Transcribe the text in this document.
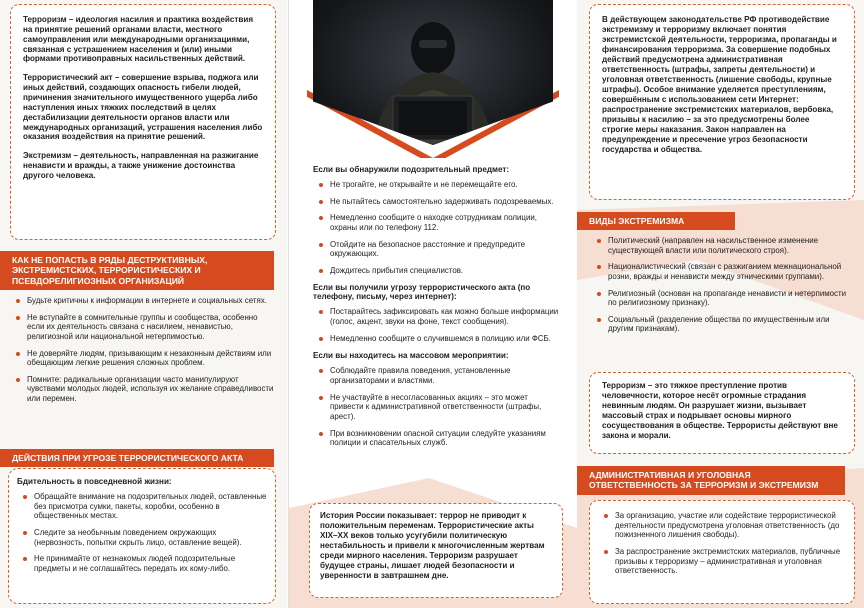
Терроризм – идеология насилия и практика воздействия на принятие решений органами власти, местного самоуправления или международными организациями, связанная с устрашением населения и (или) иными формами противоправных насильственных действий.

Террористический акт – совершение взрыва, поджога или иных действий, создающих опасность гибели людей, причинения значительного имущественного ущерба либо наступления иных тяжких последствий в целях дестабилизации деятельности органов власти или международных организаций, устрашения населения либо оказания воздействия на принятие решений.

Экстремизм – деятельность, направленная на разжигание ненависти и вражды, а также унижение достоинства другого человека.

КАК НЕ ПОПАСТЬ В РЯДЫ ДЕСТРУКТИВНЫХ, ЭКСТРЕМИСТСКИХ, ТЕРРОРИСТИЧЕСКИХ И ПСЕВДОРЕЛИГИОЗНЫХ ОРГАНИЗАЦИЙ
Будьте критичны к информации в интернете и социальных сетях.
Не вступайте в сомнительные группы и сообщества, особенно если их деятельность связана с насилием, ненавистью, религиозной или национальной нетерпимостью.
Не доверяйте людям, призывающим к незаконным действиям или обещающим легкие решения сложных проблем.
Помните: радикальные организации часто манипулируют чувствами молодых людей, используя их желание справедливости или перемен.
ДЕЙСТВИЯ ПРИ УГРОЗЕ ТЕРРОРИСТИЧЕСКОГО АКТА
Бдительность в повседневной жизни:
Обращайте внимание на подозрительных людей, оставленные без присмотра сумки, пакеты, коробки, особенно в общественных местах.
Следите за необычным поведением окружающих (нервозность, попытки скрыть лицо, оставление вещей).
Не принимайте от незнакомых людей подозрительные предметы и не соглашайтесь передать их кому-либо.
Если вы обнаружили подозрительный предмет:
Не трогайте, не открывайте и не перемещайте его.
Не пытайтесь самостоятельно задерживать подозреваемых.
Немедленно сообщите о находке сотрудникам полиции, охраны или по телефону 112.
Отойдите на безопасное расстояние и предупредите окружающих.
Дождитесь прибытия специалистов.
Если вы получили угрозу террористического акта (по телефону, письму, через интернет):
Постарайтесь зафиксировать как можно больше информации (голос, акцент, звуки на фоне, текст сообщения).
Немедленно сообщите о случившемся в полицию или ФСБ.
Если вы находитесь на массовом мероприятии:
Соблюдайте правила поведения, установленные организаторами и властями.
Не участвуйте в несогласованных акциях – это может привести к административной ответственности (штрафы, арест).
При возникновении опасной ситуации следуйте указаниям полиции и спасательных служб.
История России показывает: террор не приводит к положительным переменам. Террористические акты XIX–XX веков только усугубили политическую нестабильность и привели к многочисленным жертвам среди мирного населения. Терроризм разрушает будущее страны, лишает людей безопасности и уверенности в завтрашнем дне.
В действующем законодательстве РФ противодействие экстремизму и терроризму включает понятия экстремистской деятельности, терроризма, пропаганды и финансирования терроризма. За совершение подобных действий предусмотрена административная ответственность (штрафы, запреты деятельности) и уголовная ответственность (лишение свободы, крупные штрафы). Особое внимание уделяется преступлениям, совершённым с использованием сети Интернет: распространение экстремистских материалов, вербовка, призывы к насилию – за это предусмотрены более строгие меры наказания. Закон направлен на предупреждение и пресечение угроз безопасности государства и общества.
ВИДЫ ЭКСТРЕМИЗМА
Политический (направлен на насильственное изменение существующей власти или политического строя).
Националистический (связан с разжиганием межнациональной розни, вражды и ненависти между этническими группами).
Религиозный (основан на пропаганде ненависти и нетерпимости по религиозному признаку).
Социальный (разделение общества по имущественным или другим признакам).
Терроризм – это тяжкое преступление против человечности, которое несёт огромные страдания невинным людям. Он разрушает жизни, вызывает массовый страх и подрывает основы мирного сосуществования в обществе. Террористы действуют вне закона и морали.
АДМИНИСТРАТИВНАЯ И УГОЛОВНАЯ ОТВЕТСТВЕННОСТЬ ЗА ТЕРРОРИЗМ И ЭКСТРЕМИЗМ
За организацию, участие или содействие террористической деятельности предусмотрена уголовная ответственность (до пожизненного лишения свободы).
За распространение экстремистских материалов, публичные призывы к терроризму – административная и уголовная ответственность.
